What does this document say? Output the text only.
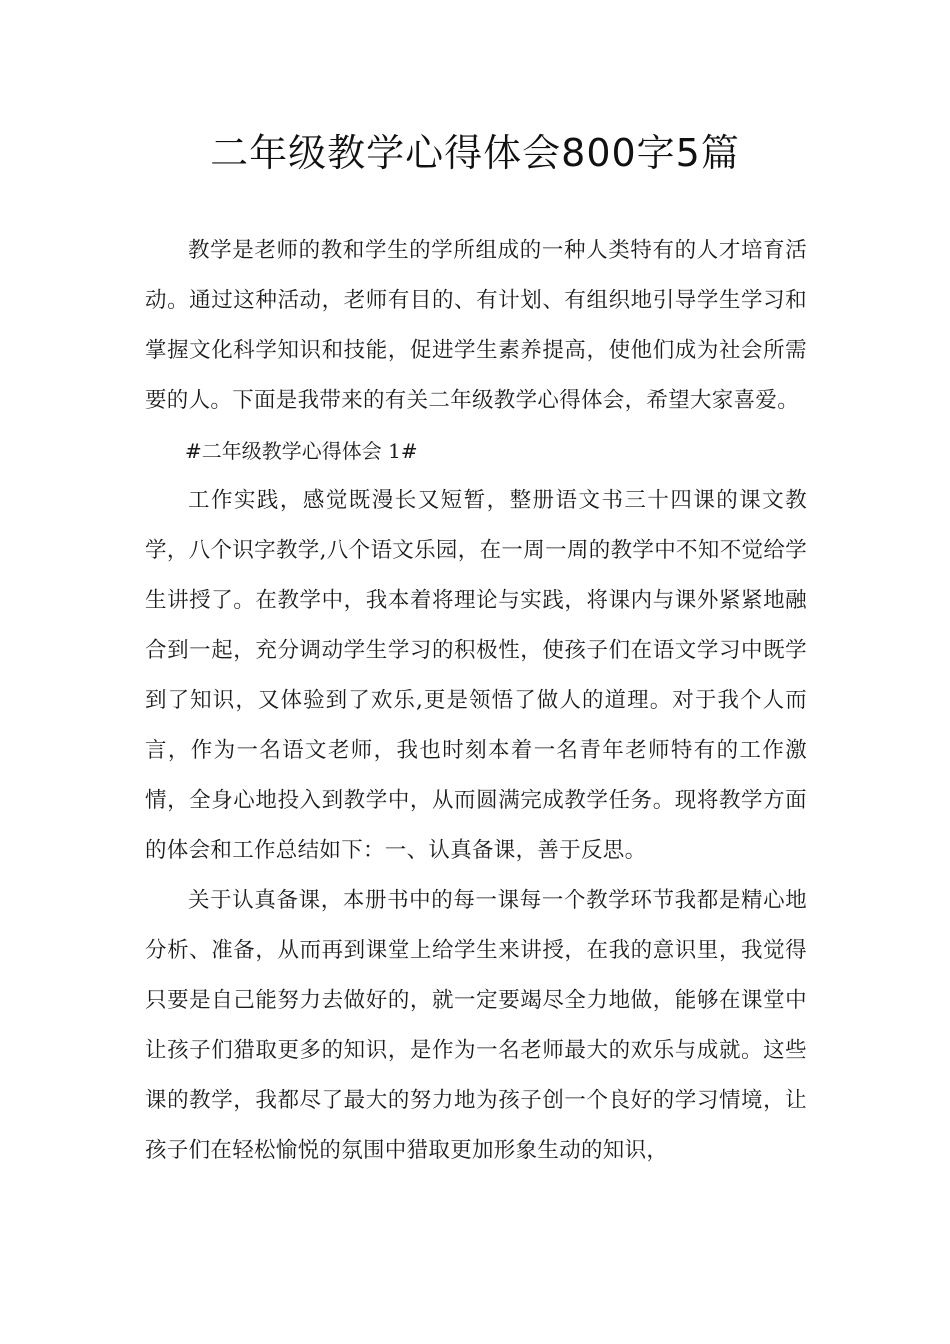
二年级教学心得体会800字5篇

教学是老师的教和学生的学所组成的一种人类特有的人才培育活动。通过这种活动，老师有目的、有计划、有组织地引导学生学习和掌握文化科学知识和技能，促进学生素养提高，使他们成为社会所需要的人。下面是我带来的有关二年级教学心得体会，希望大家喜爱。

#二年级教学心得体会 1#

工作实践，感觉既漫长又短暂，整册语文书三十四课的课文教学，八个识字教学,八个语文乐园，在一周一周的教学中不知不觉给学生讲授了。在教学中，我本着将理论与实践，将课内与课外紧紧地融合到一起，充分调动学生学习的积极性，使孩子们在语文学习中既学到了知识，又体验到了欢乐,更是领悟了做人的道理。对于我个人而言，作为一名语文老师，我也时刻本着一名青年老师特有的工作激情，全身心地投入到教学中，从而圆满完成教学任务。现将教学方面的体会和工作总结如下：一、认真备课，善于反思。

关于认真备课，本册书中的每一课每一个教学环节我都是精心地分析、准备，从而再到课堂上给学生来讲授，在我的意识里，我觉得只要是自己能努力去做好的，就一定要竭尽全力地做，能够在课堂中让孩子们猎取更多的知识，是作为一名老师最大的欢乐与成就。这些课的教学，我都尽了最大的努力地为孩子创一个良好的学习情境，让孩子们在轻松愉悦的氛围中猎取更加形象生动的知识，
